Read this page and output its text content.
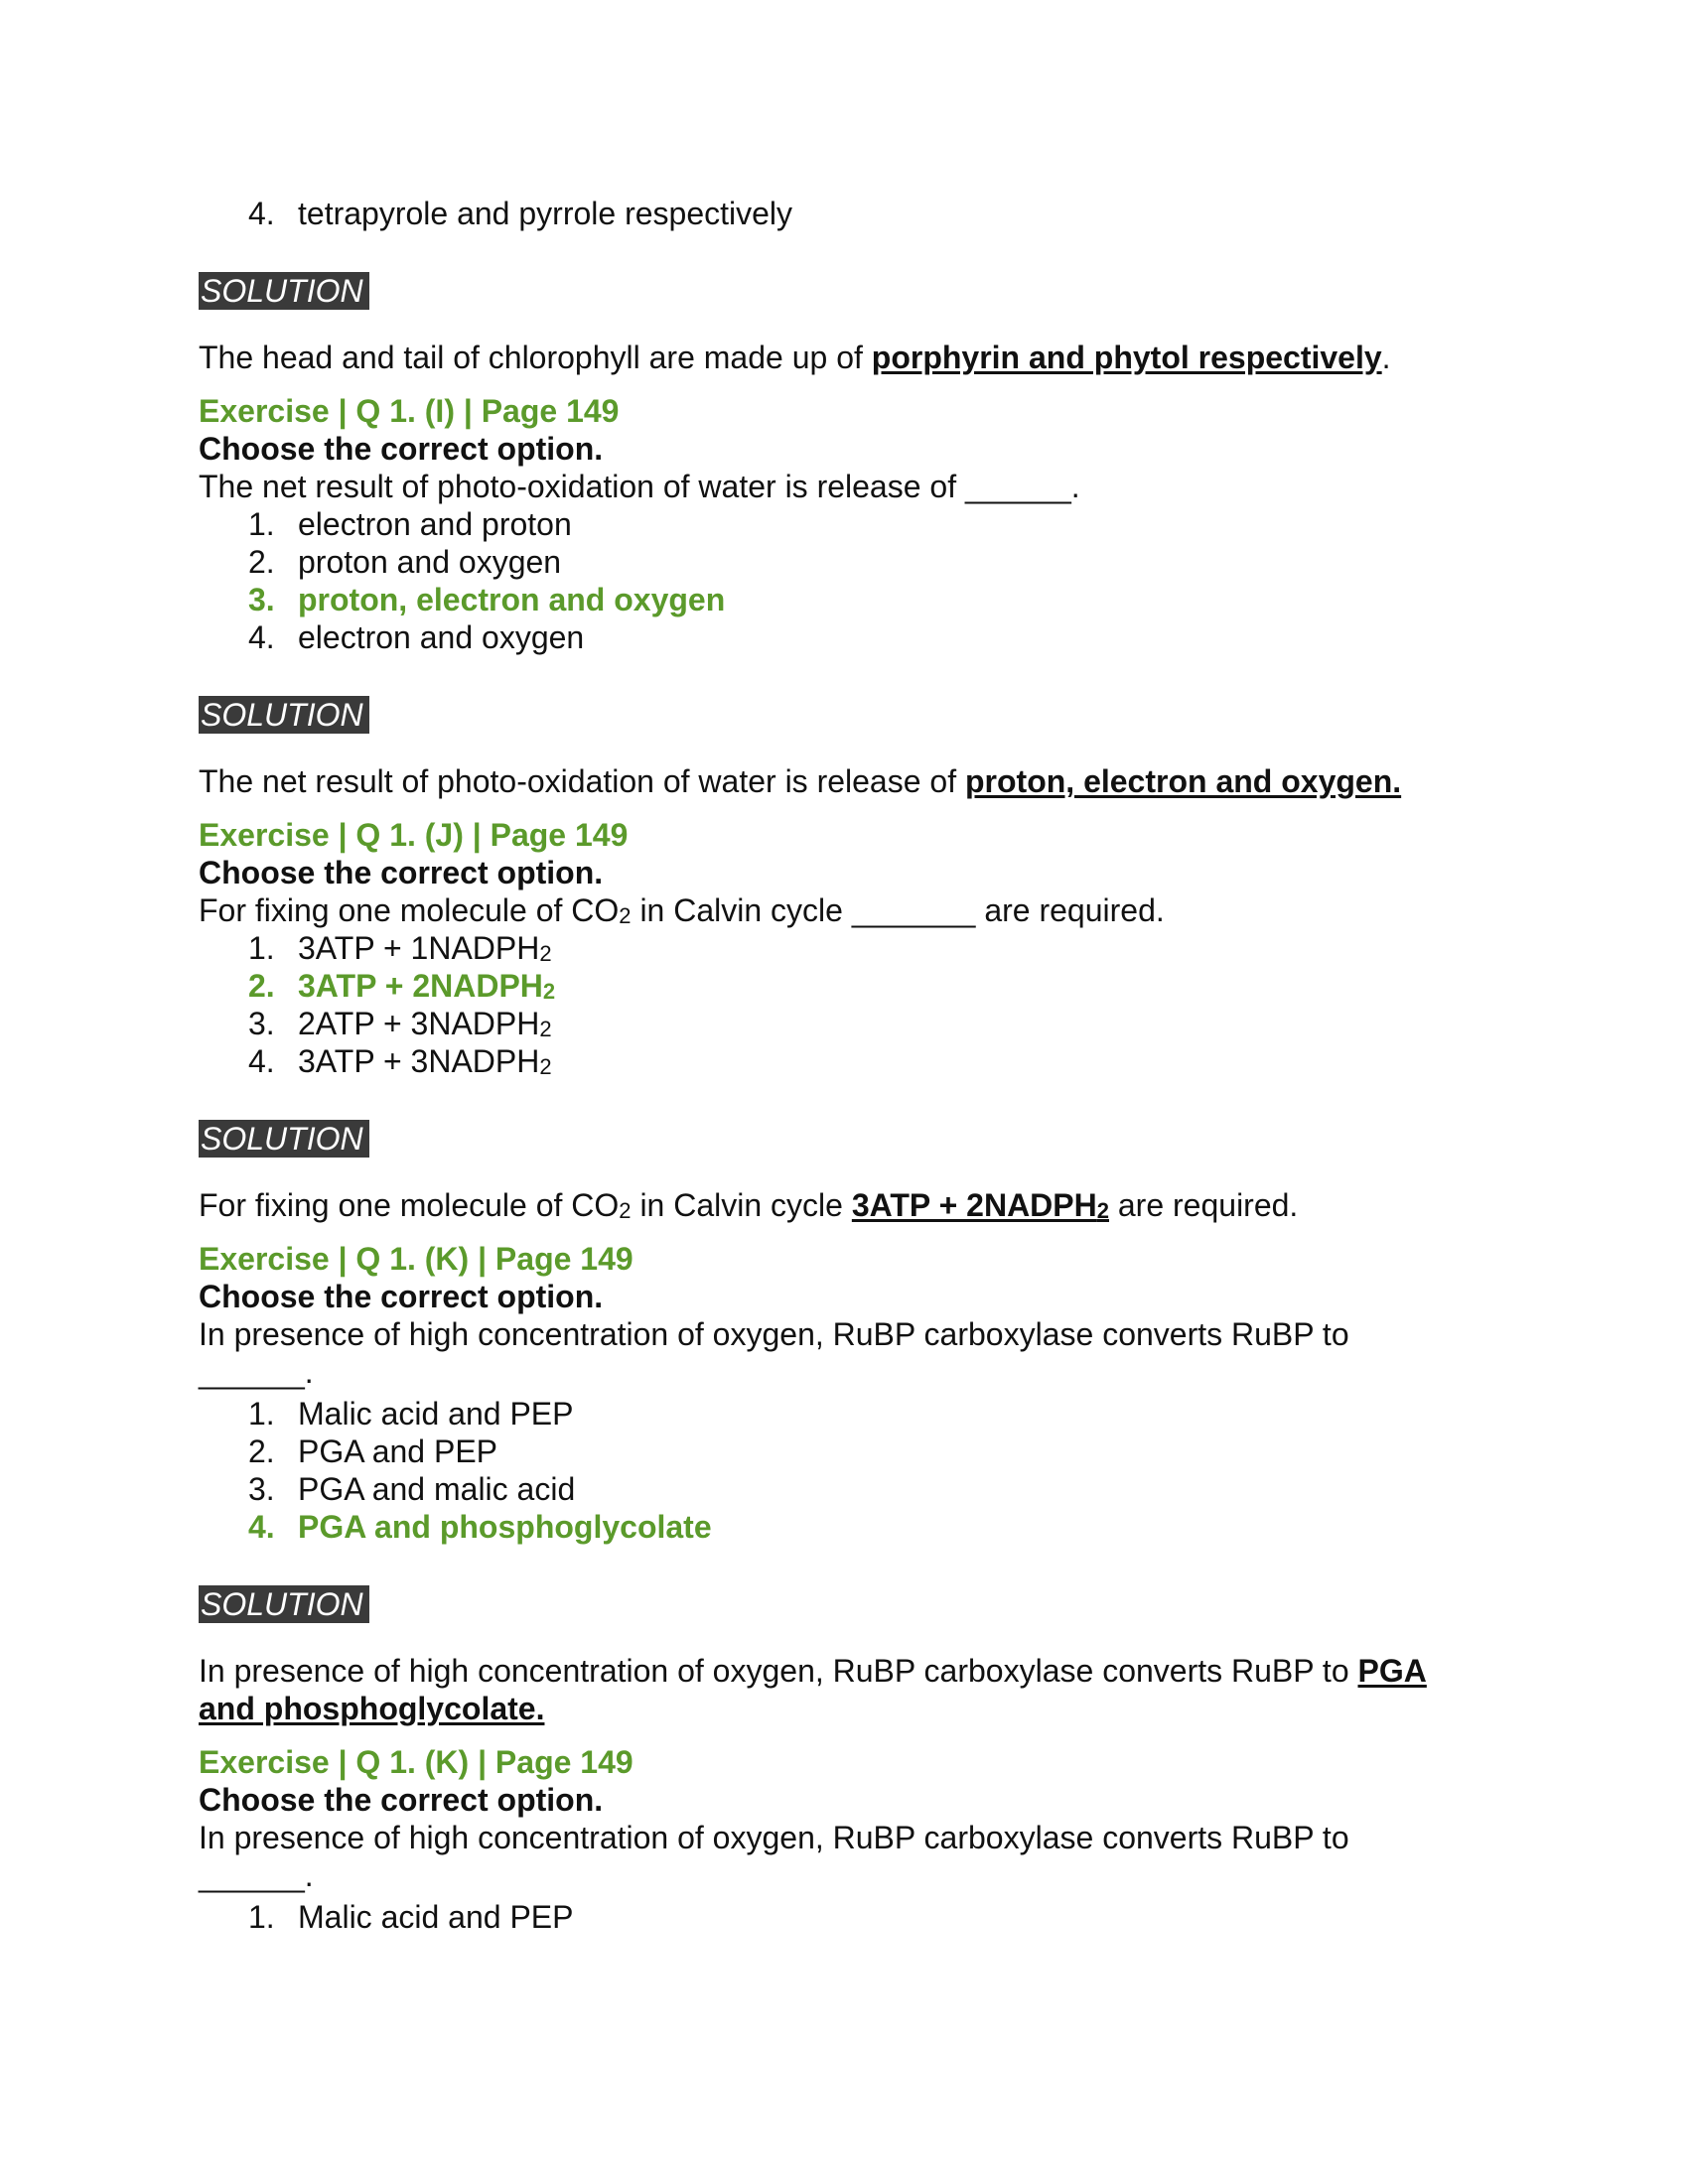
4. tetrapyrole and pyrrole respectively
SOLUTION
The head and tail of chlorophyll are made up of porphyrin and phytol respectively.
Exercise | Q 1. (I) | Page 149
Choose the correct option.
The net result of photo-oxidation of water is release of ______.
1. electron and proton
2. proton and oxygen
3. proton, electron and oxygen
4. electron and oxygen
SOLUTION
The net result of photo-oxidation of water is release of proton, electron and oxygen.
Exercise | Q 1. (J) | Page 149
Choose the correct option.
For fixing one molecule of $CO_2$ in Calvin cycle _______ are required.
1. $3ATP + 1NADPH_2$
2. $3ATP + 2NADPH_2$
3. $2ATP + 3NADPH_2$
4. $3ATP + 3NADPH_2$
SOLUTION
For fixing one molecule of $CO_2$ in Calvin cycle $3ATP + 2NADPH_2$ are required.
Exercise | Q 1. (K) | Page 149
Choose the correct option.
In presence of high concentration of oxygen, RuBP carboxylase converts RuBP to
______.
1. Malic acid and PEP
2. PGA and PEP
3. PGA and malic acid
4. PGA and phosphoglycolate
SOLUTION
In presence of high concentration of oxygen, RuBP carboxylase converts RuBP to PGA
and phosphoglycolate.
Exercise | Q 1. (K) | Page 149
Choose the correct option.
In presence of high concentration of oxygen, RuBP carboxylase converts RuBP to
______.
1. Malic acid and PEP
